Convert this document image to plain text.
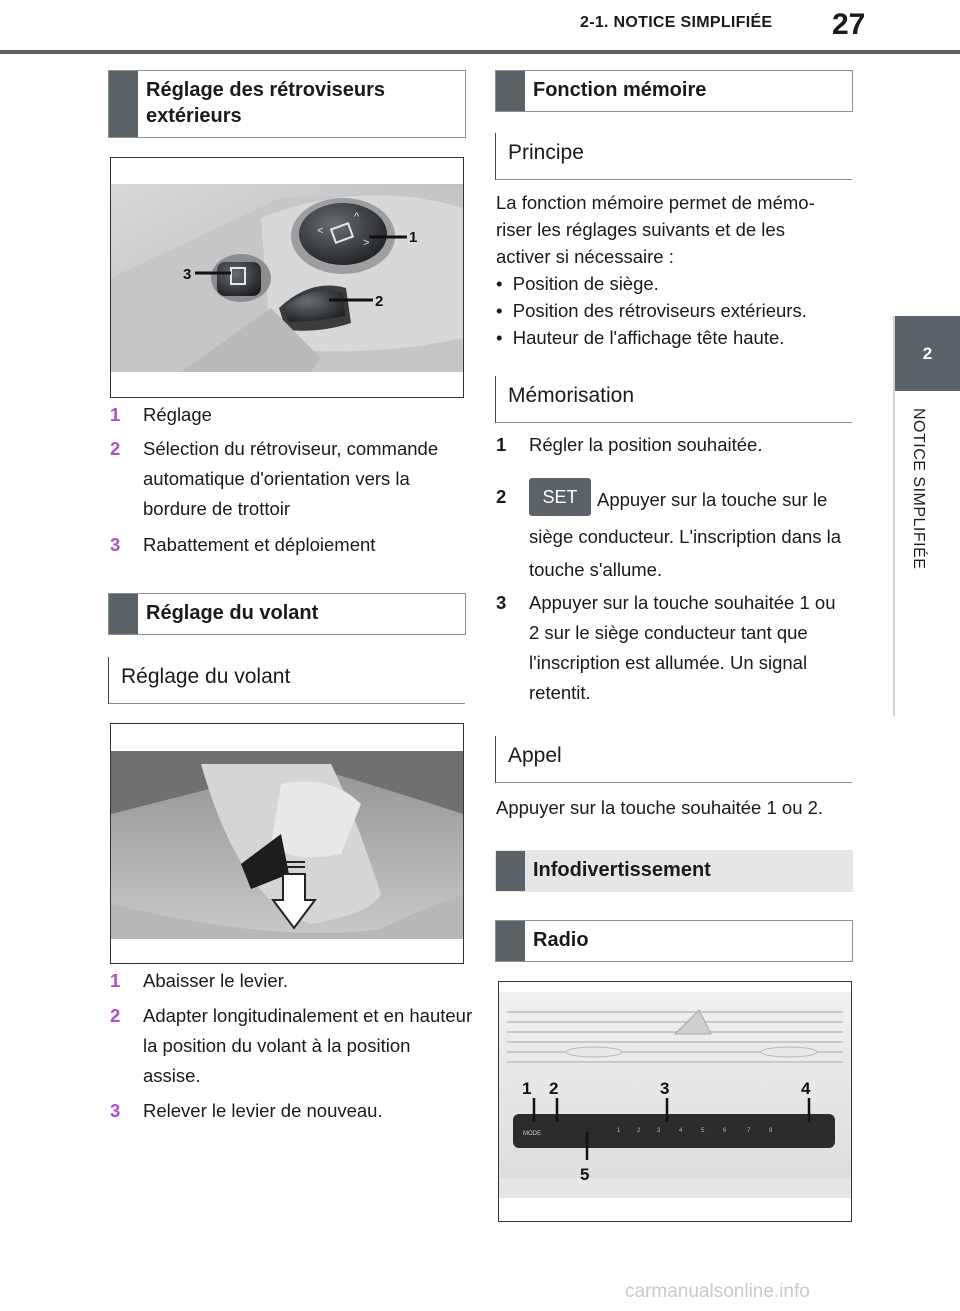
2-1. NOTICE SIMPLIFIÉE 27
2
NOTICE SIMPLIFIÉE
Réglage des rétroviseurs extérieurs
^
<
>	1
2
3
1	Réglage
2	Sélection du rétroviseur, commande automatique d'orientation vers la bordure de trottoir
3	Rabattement et déploiement
Réglage du volant
Réglage du volant
1	Abaisser le levier.
2	Adapter longitudinalement et en hauteur la position du volant à la position assise.
3	Relever le levier de nouveau.
Fonction mémoire
Principe
La fonction mémoire permet de mémo-
riser les réglages suivants et de les
activer si nécessaire :
•  Position de siège.
•  Position des rétroviseurs extérieurs.
•  Hauteur de l'affichage tête haute.
Mémorisation
1	Régler la position souhaitée.
2	SET Appuyer sur la touche sur le siège conducteur. L'inscription dans la touche s'allume.
3	Appuyer sur la touche souhaitée 1 ou 2 sur le siège conducteur tant que l'inscription est allumée. Un signal retentit.
Appel
Appuyer sur la touche souhaitée 1 ou 2.
Infodivertissement
Radio
MODE	1	2	3	4	5	6	7	8
1 2	3	4
5
carmanualsonline.info
